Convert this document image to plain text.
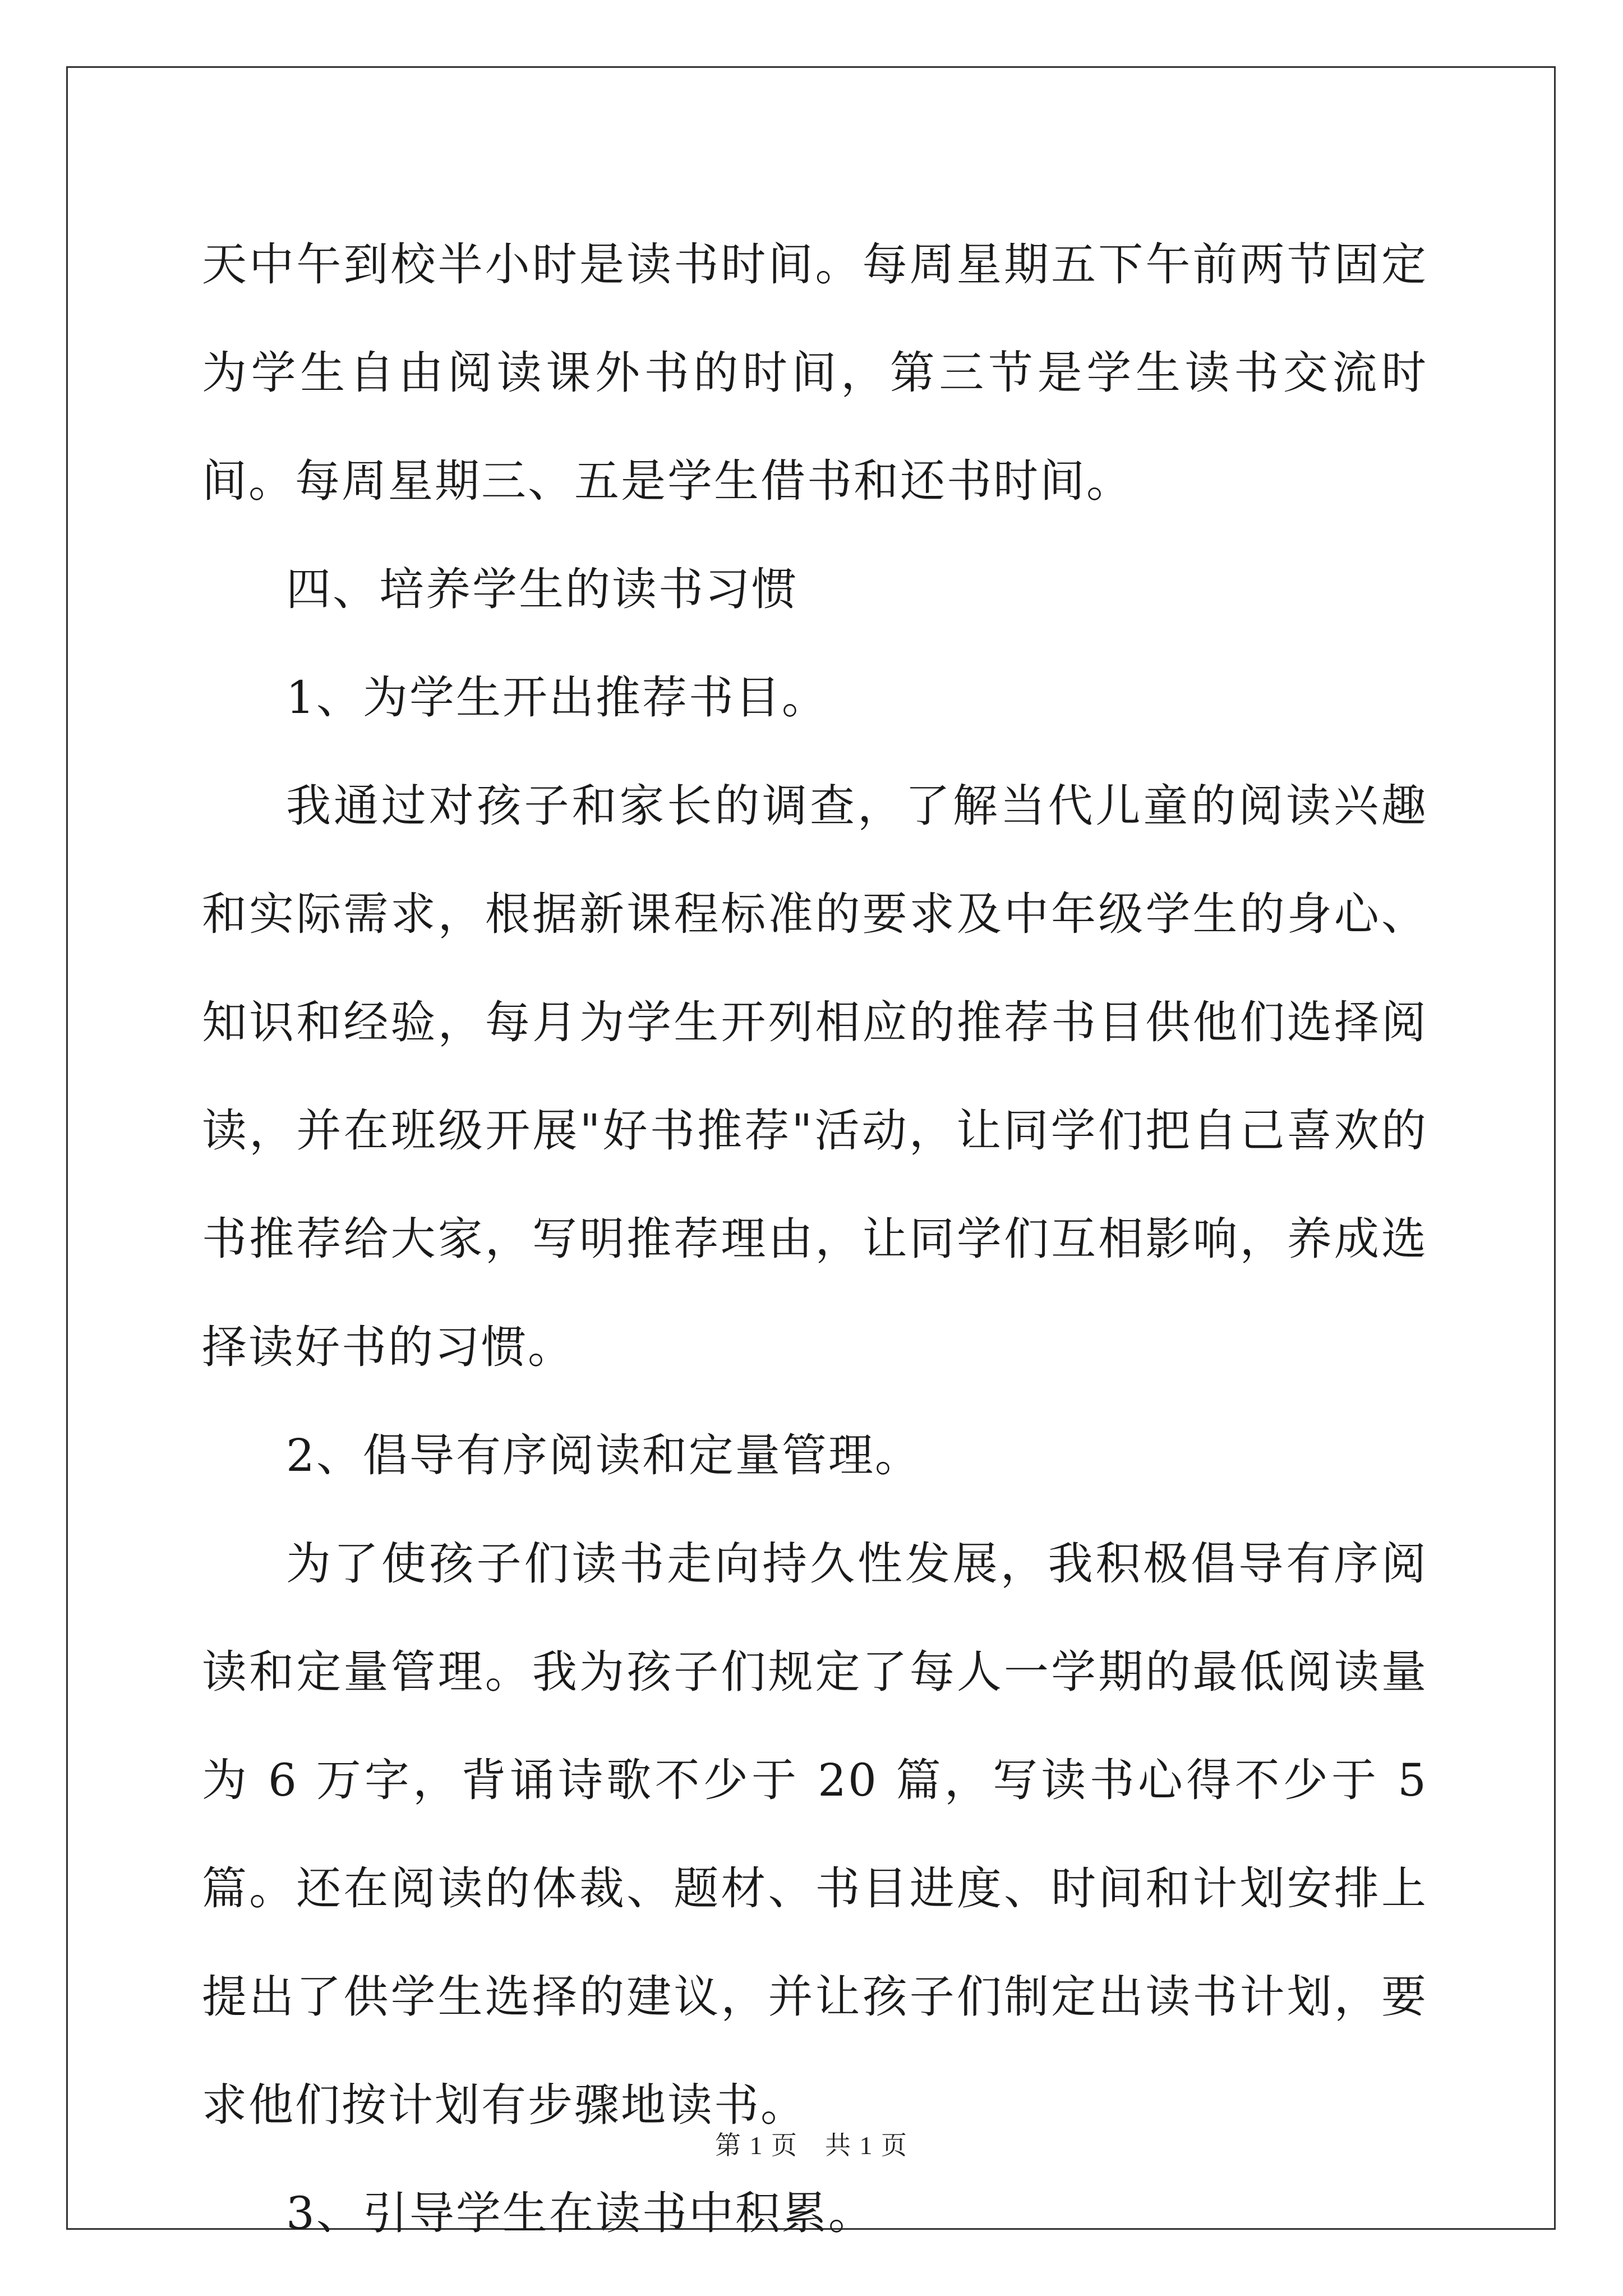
天中午到校半小时是读书时间。每周星期五下午前两节固定为学生自由阅读课外书的时间，第三节是学生读书交流时间。每周星期三、五是学生借书和还书时间。

四、培养学生的读书习惯

1、为学生开出推荐书目。

我通过对孩子和家长的调查，了解当代儿童的阅读兴趣和实际需求，根据新课程标准的要求及中年级学生的身心、知识和经验，每月为学生开列相应的推荐书目供他们选择阅读，并在班级开展"好书推荐"活动，让同学们把自己喜欢的书推荐给大家，写明推荐理由，让同学们互相影响，养成选择读好书的习惯。

2、倡导有序阅读和定量管理。

为了使孩子们读书走向持久性发展，我积极倡导有序阅读和定量管理。我为孩子们规定了每人一学期的最低阅读量为 6 万字，背诵诗歌不少于 20 篇，写读书心得不少于 5 篇。还在阅读的体裁、题材、书目进度、时间和计划安排上提出了供学生选择的建议，并让孩子们制定出读书计划，要求他们按计划有步骤地读书。

3、引导学生在读书中积累。

第 1 页　共 1 页
